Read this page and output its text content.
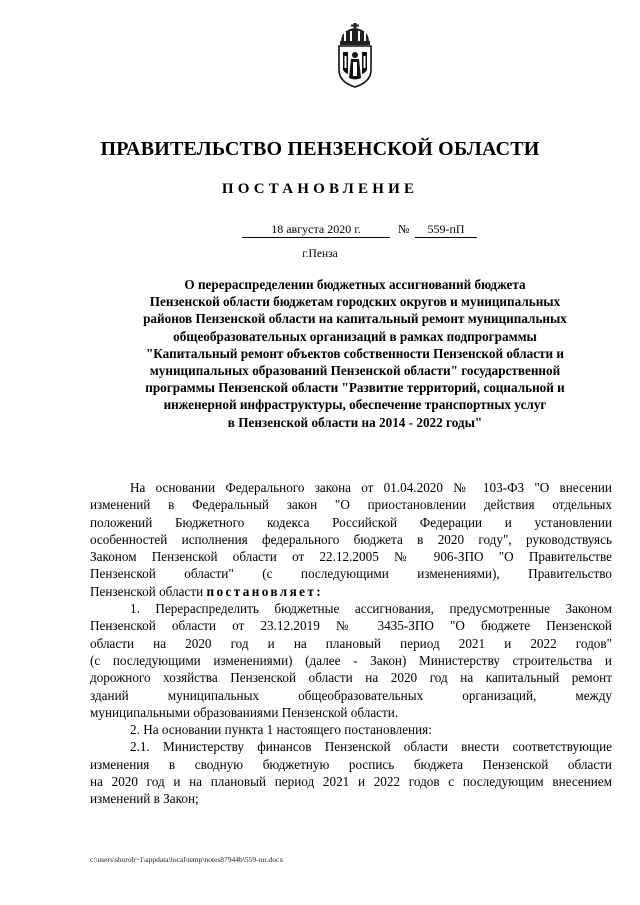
ПРАВИТЕЛЬСТВО ПЕНЗЕНСКОЙ ОБЛАСТИ
ПОСТАНОВЛЕНИЕ
18 августа 2020 г.	№	559-пП
г.Пенза
О перераспределении бюджетных ассигнований бюджета
Пензенской области бюджетам городских округов и муниципальных
районов Пензенской области на капитальный ремонт муниципальных
общеобразовательных организаций в рамках подпрограммы
"Капитальный ремонт объектов собственности Пензенской области и
муниципальных образований Пензенской области" государственной
программы Пензенской области "Развитие территорий, социальной и
инженерной инфраструктуры, обеспечение транспортных услуг
в Пензенской области на 2014 - 2022 годы"
На основании Федерального закона от 01.04.2020 № 103-ФЗ "О внесении
изменений в Федеральный закон "О приостановлении действия отдельных
положений Бюджетного кодекса Российской Федерации и установлении
особенностей исполнения федерального бюджета в 2020 году", руководствуясь
Законом Пензенской области от 22.12.2005 № 906-ЗПО "О Правительстве
Пензенской области" (с последующими изменениями), Правительство
Пензенской области постановляет:
1. Перераспределить бюджетные ассигнования, предусмотренные Законом
Пензенской области от 23.12.2019 № 3435-ЗПО "О бюджете Пензенской
области на 2020 год и на плановый период 2021 и 2022 годов"
(с последующими изменениями) (далее - Закон) Министерству строительства и
дорожного хозяйства Пензенской области на 2020 год на капитальный ремонт
зданий муниципальных общеобразовательных организаций, между
муниципальными образованиями Пензенской области.
2. На основании пункта 1 настоящего постановления:
2.1. Министерству финансов Пензенской области внести соответствующие
изменения в сводную бюджетную роспись бюджета Пензенской области
на 2020 год и на плановый период 2021 и 2022 годов с последующим внесением
изменений в Закон;
c:\users\shoroh~1\appdata\local\temp\notes87944b\559-пп.docx
